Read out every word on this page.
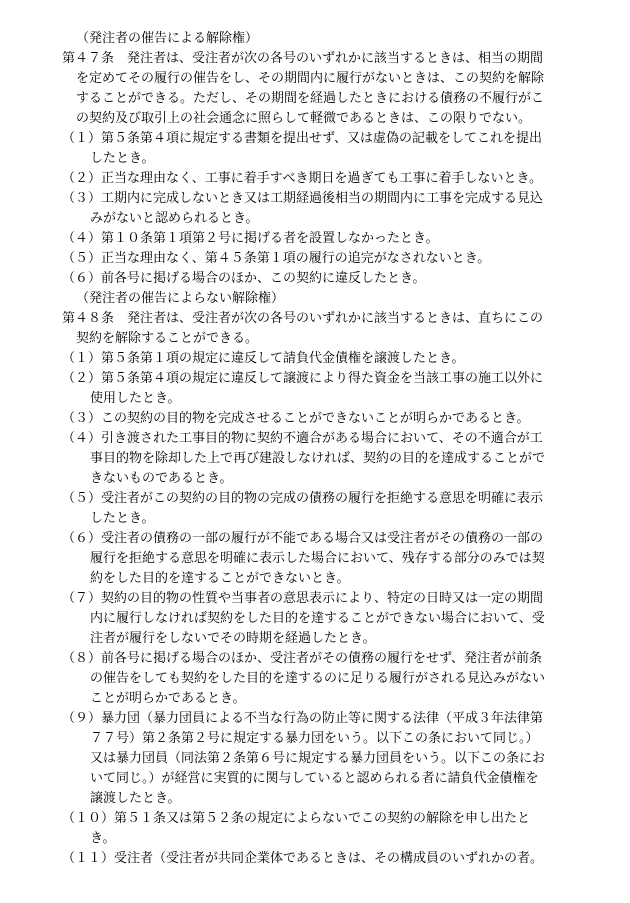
（発注者の催告による解除権）
第４７条　発注者は、受注者が次の各号のいずれかに該当するときは、相当の期間
を定めてその履行の催告をし、その期間内に履行がないときは、この契約を解除
することができる。ただし、その期間を経過したときにおける債務の不履行がこ
の契約及び取引上の社会通念に照らして軽微であるときは、この限りでない。
（１）第５条第４項に規定する書類を提出せず、又は虚偽の記載をしてこれを提出
したとき。
（２）正当な理由なく、工事に着手すべき期日を過ぎても工事に着手しないとき。
（３）工期内に完成しないとき又は工期経過後相当の期間内に工事を完成する見込
みがないと認められるとき。
（４）第１０条第１項第２号に掲げる者を設置しなかったとき。
（５）正当な理由なく、第４５条第１項の履行の追完がなされないとき。
（６）前各号に掲げる場合のほか、この契約に違反したとき。
（発注者の催告によらない解除権）
第４８条　発注者は、受注者が次の各号のいずれかに該当するときは、直ちにこの
契約を解除することができる。
（１）第５条第１項の規定に違反して請負代金債権を譲渡したとき。
（２）第５条第４項の規定に違反して譲渡により得た資金を当該工事の施工以外に
使用したとき。
（３）この契約の目的物を完成させることができないことが明らかであるとき。
（４）引き渡された工事目的物に契約不適合がある場合において、その不適合が工
事目的物を除却した上で再び建設しなければ、契約の目的を達成することがで
きないものであるとき。
（５）受注者がこの契約の目的物の完成の債務の履行を拒絶する意思を明確に表示
したとき。
（６）受注者の債務の一部の履行が不能である場合又は受注者がその債務の一部の
履行を拒絶する意思を明確に表示した場合において、残存する部分のみでは契
約をした目的を達することができないとき。
（７）契約の目的物の性質や当事者の意思表示により、特定の日時又は一定の期間
内に履行しなければ契約をした目的を達することができない場合において、受
注者が履行をしないでその時期を経過したとき。
（８）前各号に掲げる場合のほか、受注者がその債務の履行をせず、発注者が前条
の催告をしても契約をした目的を達するのに足りる履行がされる見込みがない
ことが明らかであるとき。
（９）暴力団（暴力団員による不当な行為の防止等に関する法律（平成３年法律第
７７号）第２条第２号に規定する暴力団をいう。以下この条において同じ。）
又は暴力団員（同法第２条第６号に規定する暴力団員をいう。以下この条にお
いて同じ。）が経営に実質的に関与していると認められる者に請負代金債権を
譲渡したとき。
（１０）第５１条又は第５２条の規定によらないでこの契約の解除を申し出たと
き。
（１１）受注者（受注者が共同企業体であるときは、その構成員のいずれかの者。
